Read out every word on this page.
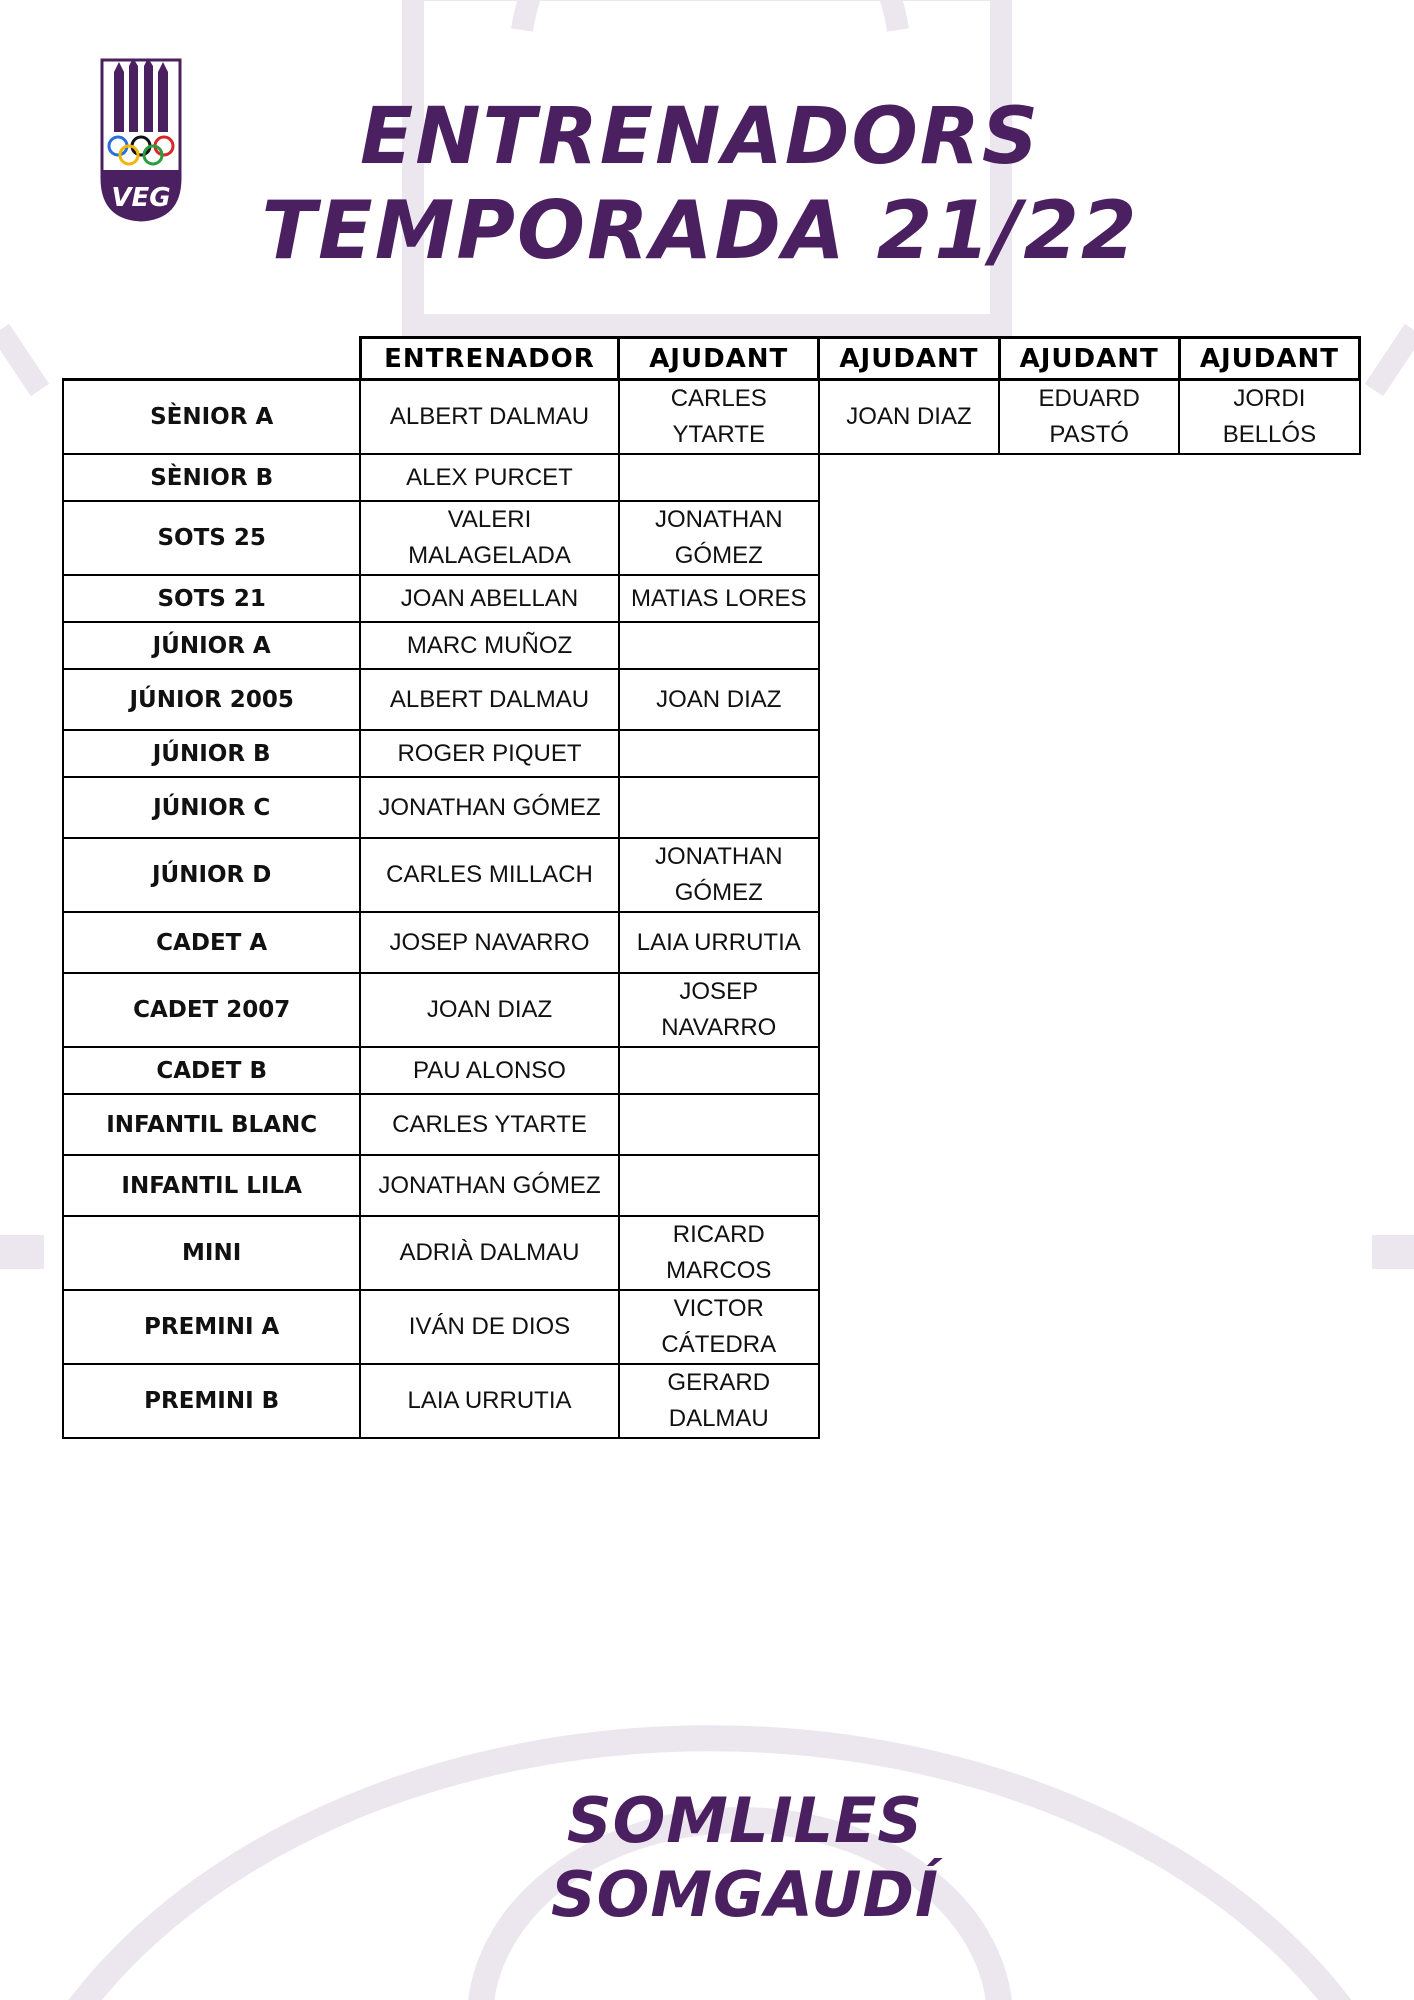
VEG
ENTRENADORS
TEMPORADA 21/22
	ENTRENADOR	AJUDANT	AJUDANT	AJUDANT	AJUDANT
SÈNIOR A	ALBERT DALMAU	CARLES YTARTE	JOAN DIAZ	EDUARD PASTÓ	JORDI BELLÓS
SÈNIOR B	ALEX PURCET				
SOTS 25	VALERI MALAGELADA	JONATHAN GÓMEZ			
SOTS 21	JOAN ABELLAN	MATIAS LORES			
JÚNIOR A	MARC MUÑOZ				
JÚNIOR 2005	ALBERT DALMAU	JOAN DIAZ			
JÚNIOR B	ROGER PIQUET				
JÚNIOR C	JONATHAN GÓMEZ				
JÚNIOR D	CARLES MILLACH	JONATHAN GÓMEZ			
CADET A	JOSEP NAVARRO	LAIA URRUTIA			
CADET 2007	JOAN DIAZ	JOSEP NAVARRO			
CADET B	PAU ALONSO				
INFANTIL BLANC	CARLES YTARTE				
INFANTIL LILA	JONATHAN GÓMEZ				
MINI	ADRIÀ DALMAU	RICARD MARCOS			
PREMINI A	IVÁN DE DIOS	VICTOR CÁTEDRA			
PREMINI B	LAIA URRUTIA	GERARD DALMAU			
SOMLILES
SOMGAUDÍ
